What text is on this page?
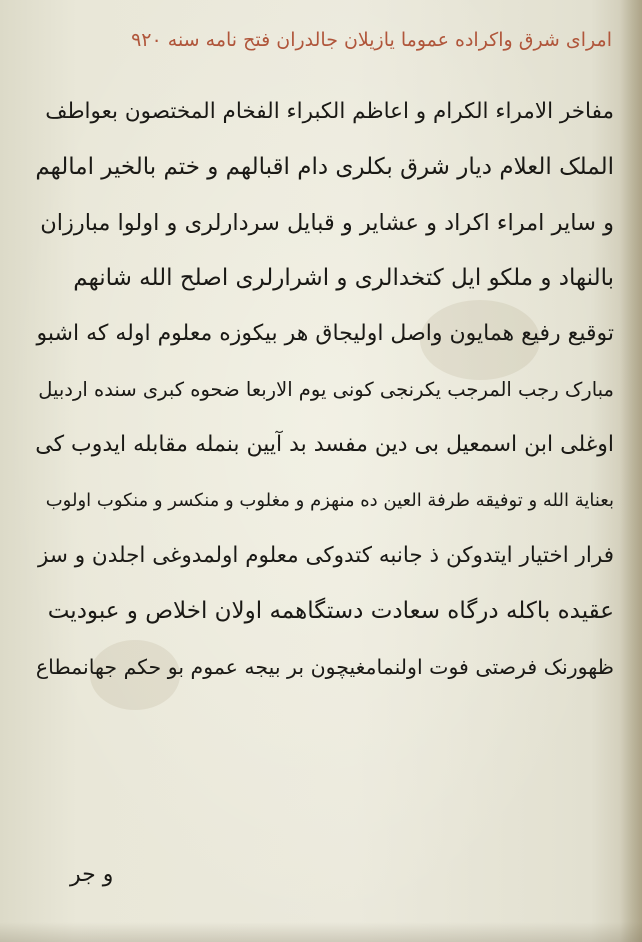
امرای شرق واکراده عموما یازیلان جالدران فتح نامه سنه ۹۲۰
مفاخر الامراء الکرام و اعاظم الکبراء الفخام المختصون بعواطف
الملک العلام دیار شرق بکلری دام اقبالهم و ختم بالخیر امالهم
و سایر امراء اکراد و عشایر و قبایل سردارلری و اولوا مبارزان
بالنهاد و ملکو ایل کتخدالری و اشرارلری اصلح الله شانهم
توقیع رفیع همایون واصل اولیجاق هر بیکوزه معلوم اوله که اشبو
مبارک رجب المرجب یکرنجی کونی یوم الاربعا ضحوه کبری سنده اردبیل
اوغلی ابن اسمعیل بی دین مفسد بد آیین بنمله مقابله ایدوب کی
بعنایة الله و توفیقه طرفة العین ده منهزم و مغلوب و منکسر و منکوب اولوب
فرار اختیار ایتدوکن ذ جانبه کتدوکی معلوم اولمدوغی اجلدن و سز
عقیده باکله درگاه سعادت دستگاهمه اولان اخلاص و عبودیت
ظهورنک فرصتی فوت اولنمامغیچون بر بیجه عموم بو حکم جهانمطاع
و جر
